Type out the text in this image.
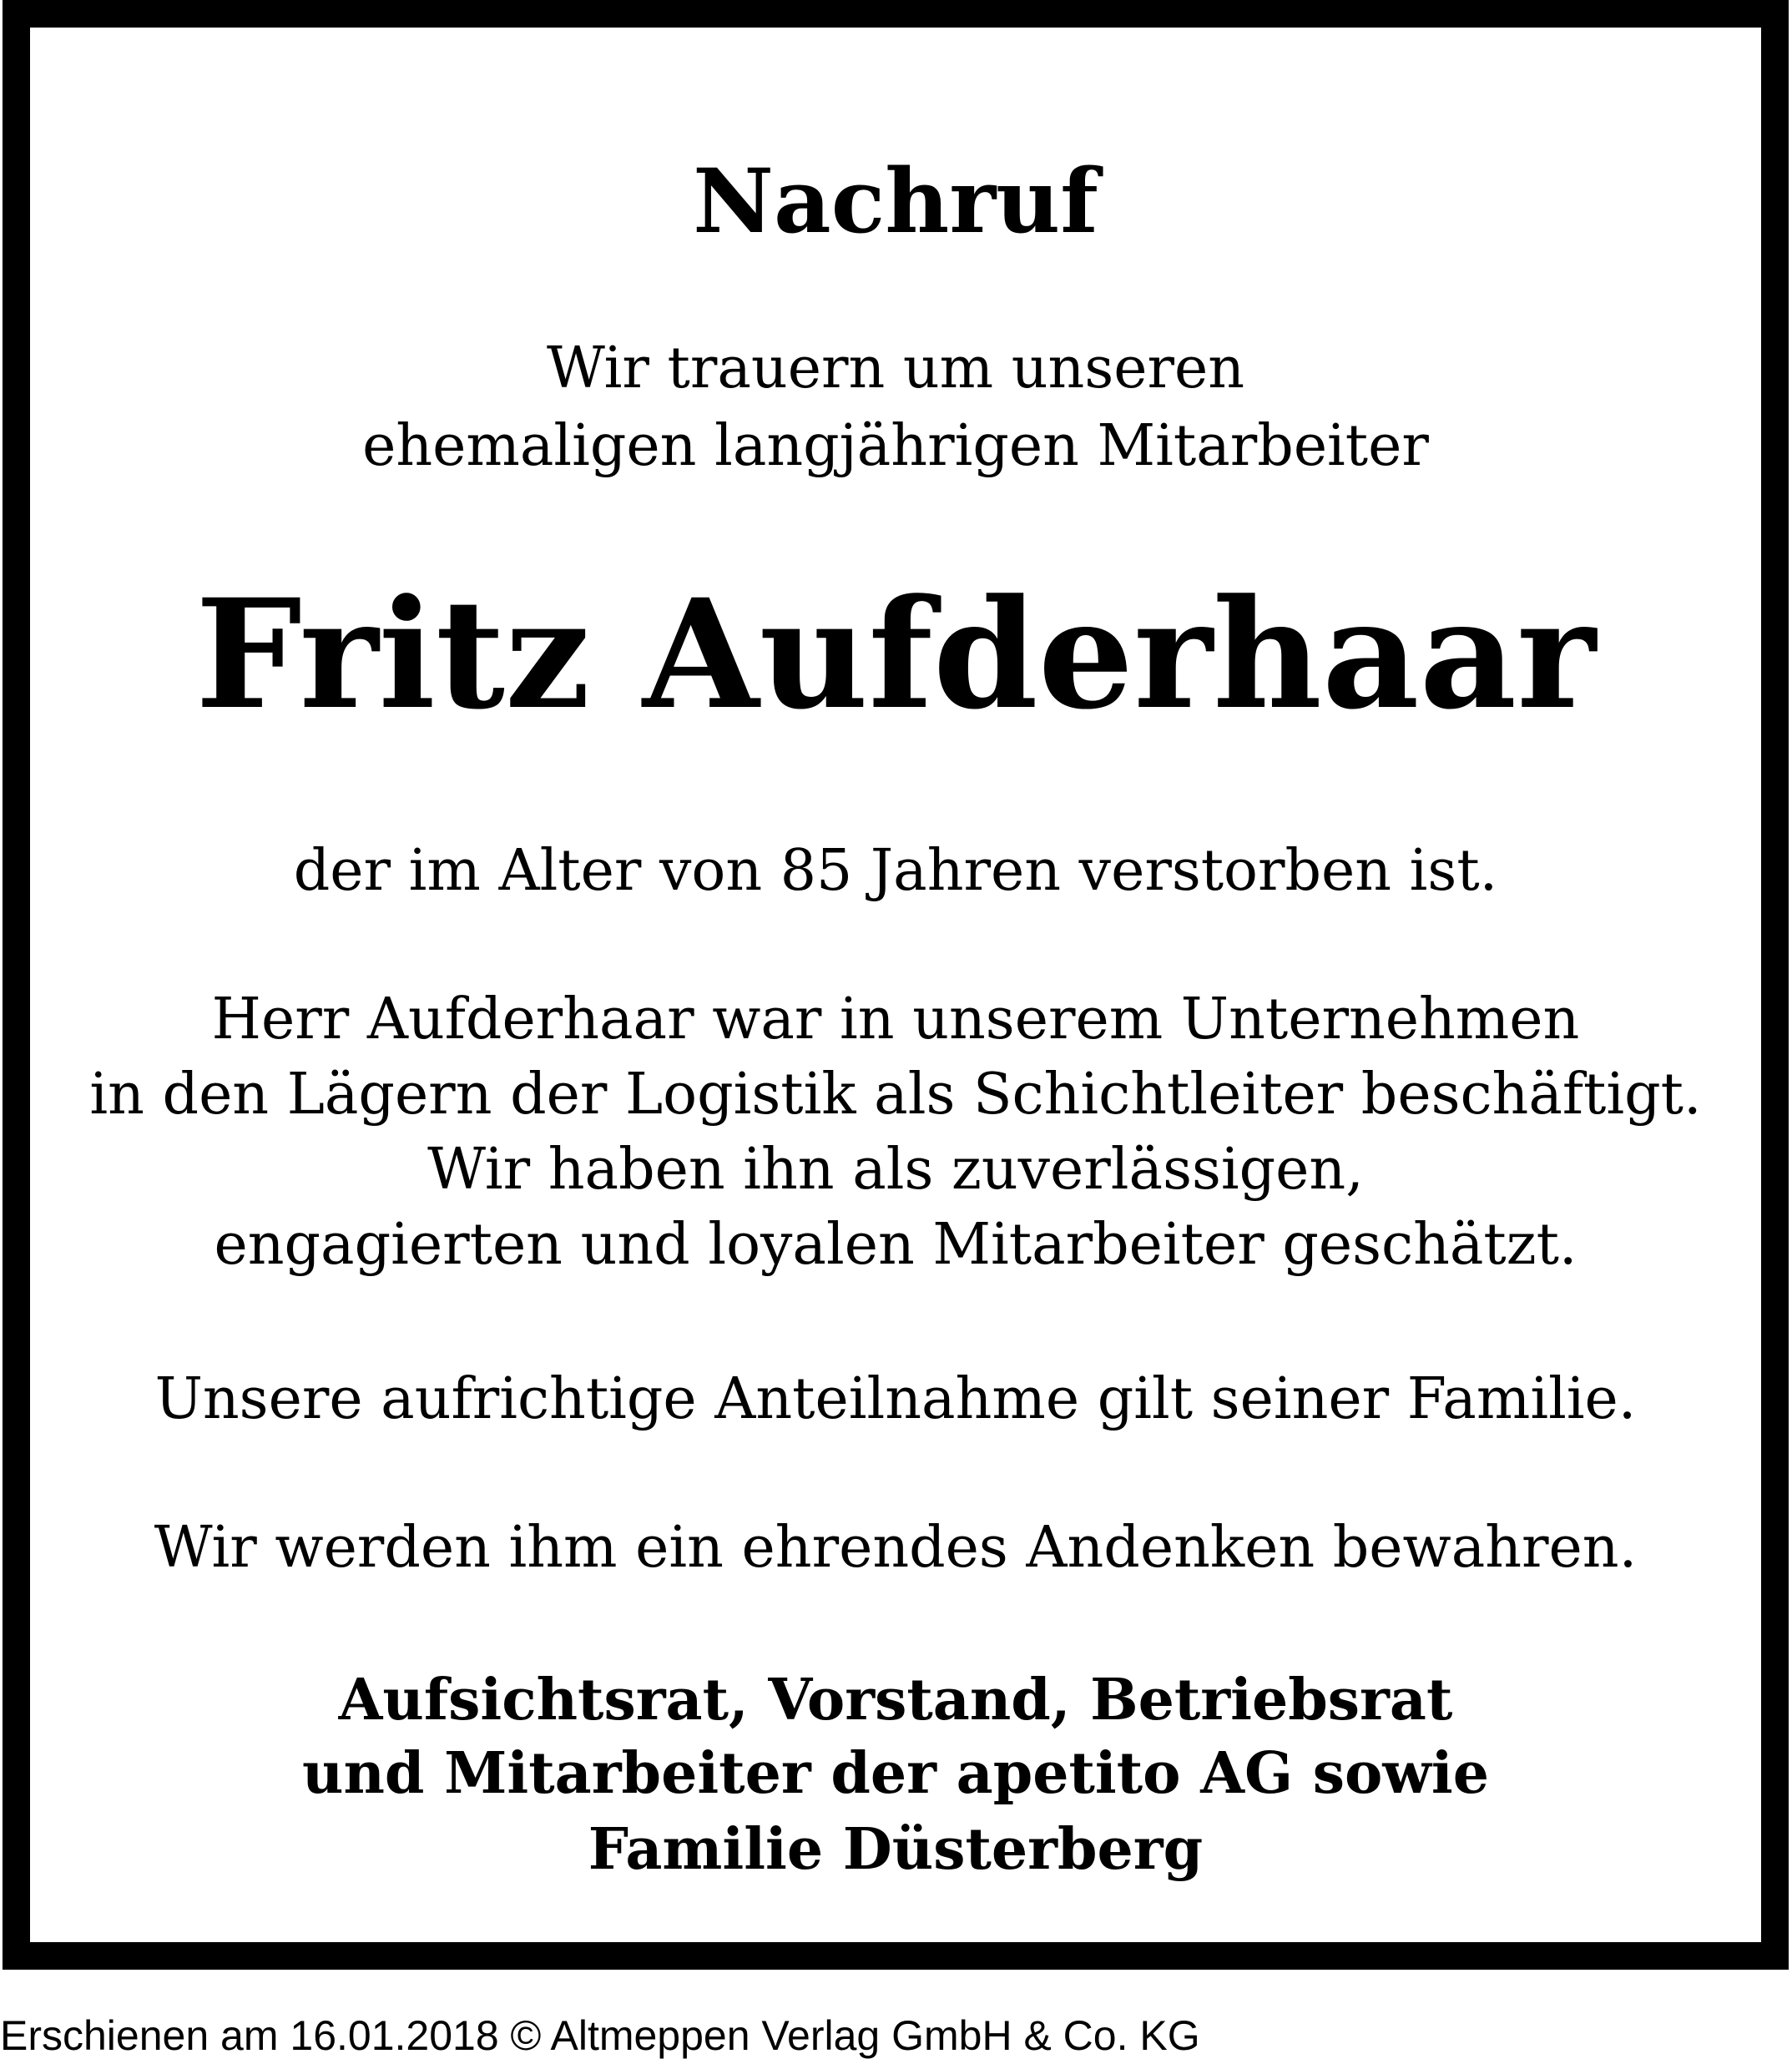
Nachruf
Wir trauern um unseren
ehemaligen langjährigen Mitarbeiter
Fritz Aufderhaar
der im Alter von 85 Jahren verstorben ist.
Herr Aufderhaar war in unserem Unternehmen
in den Lägern der Logistik als Schichtleiter beschäftigt.
Wir haben ihn als zuverlässigen,
engagierten und loyalen Mitarbeiter geschätzt.
Unsere aufrichtige Anteilnahme gilt seiner Familie.
Wir werden ihm ein ehrendes Andenken bewahren.
Aufsichtsrat, Vorstand, Betriebsrat
und Mitarbeiter der apetito AG sowie
Familie Düsterberg
Erschienen am 16.01.2018 © Altmeppen Verlag GmbH & Co. KG
